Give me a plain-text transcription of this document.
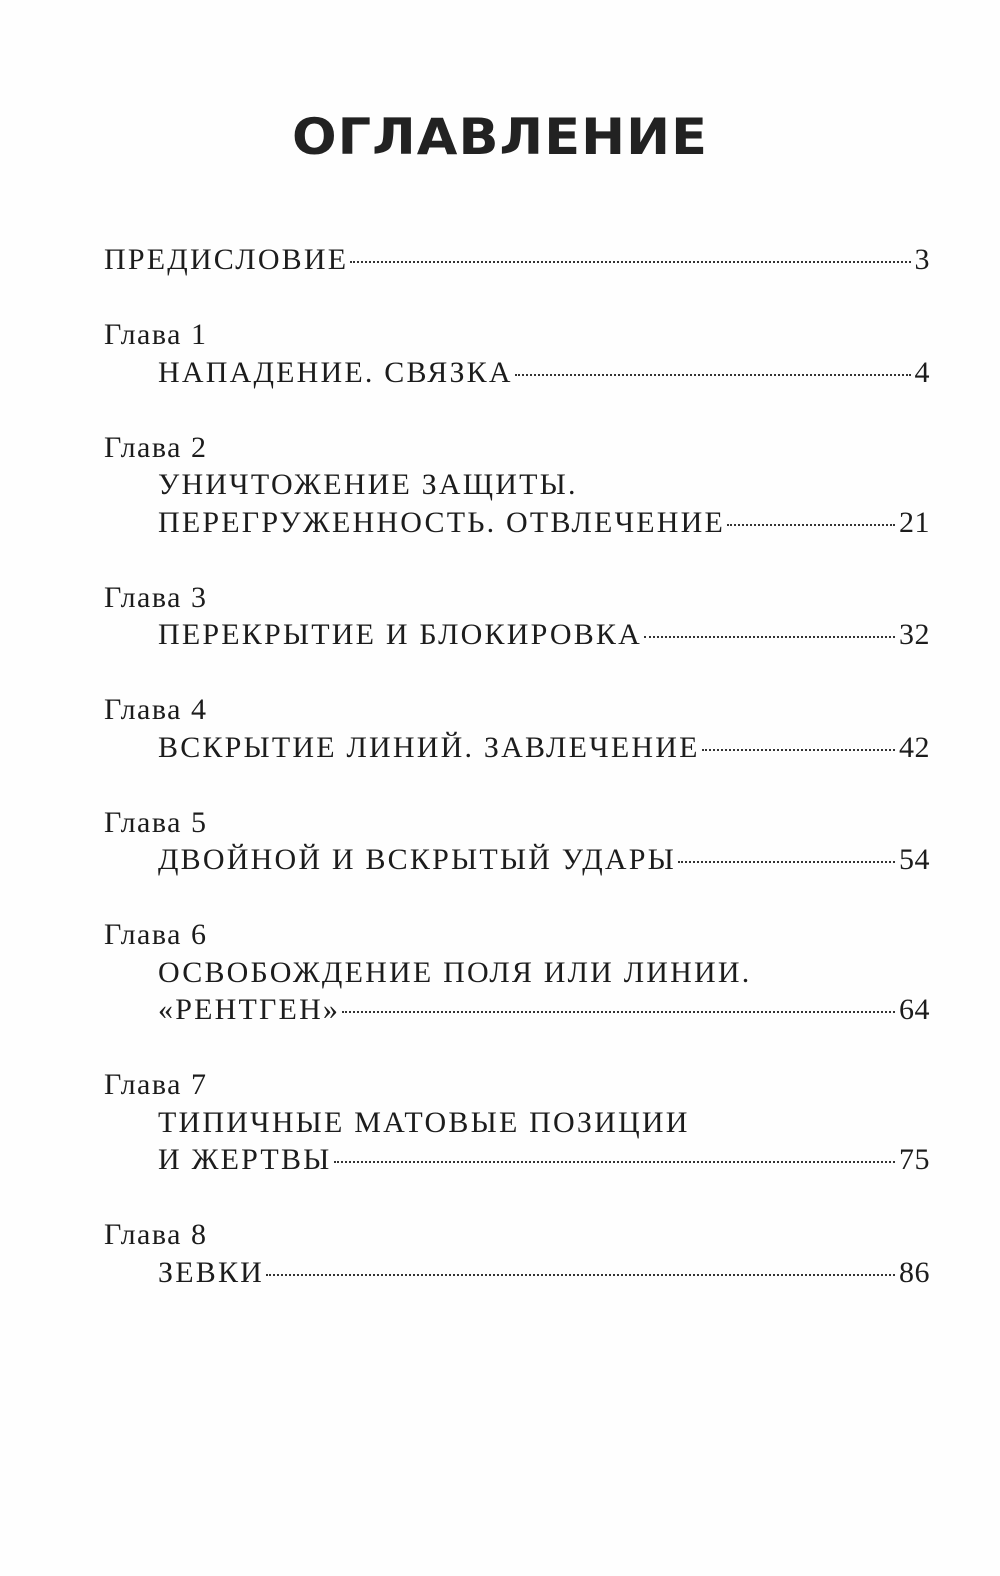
ОГЛАВЛЕНИЕ
ПРЕДИСЛОВИЕ	3
Глава 1
НАПАДЕНИЕ. СВЯЗКА	4
Глава 2
УНИЧТОЖЕНИЕ ЗАЩИТЫ.
ПЕРЕГРУЖЕННОСТЬ. ОТВЛЕЧЕНИЕ	21
Глава 3
ПЕРЕКРЫТИЕ И БЛОКИРОВКА	32
Глава 4
ВСКРЫТИЕ ЛИНИЙ. ЗАВЛЕЧЕНИЕ	42
Глава 5
ДВОЙНОЙ И ВСКРЫТЫЙ УДАРЫ	54
Глава 6
ОСВОБОЖДЕНИЕ ПОЛЯ ИЛИ ЛИНИИ.
«РЕНТГЕН»	64
Глава 7
ТИПИЧНЫЕ МАТОВЫЕ ПОЗИЦИИ
И ЖЕРТВЫ	75
Глава 8
ЗЕВКИ	86
